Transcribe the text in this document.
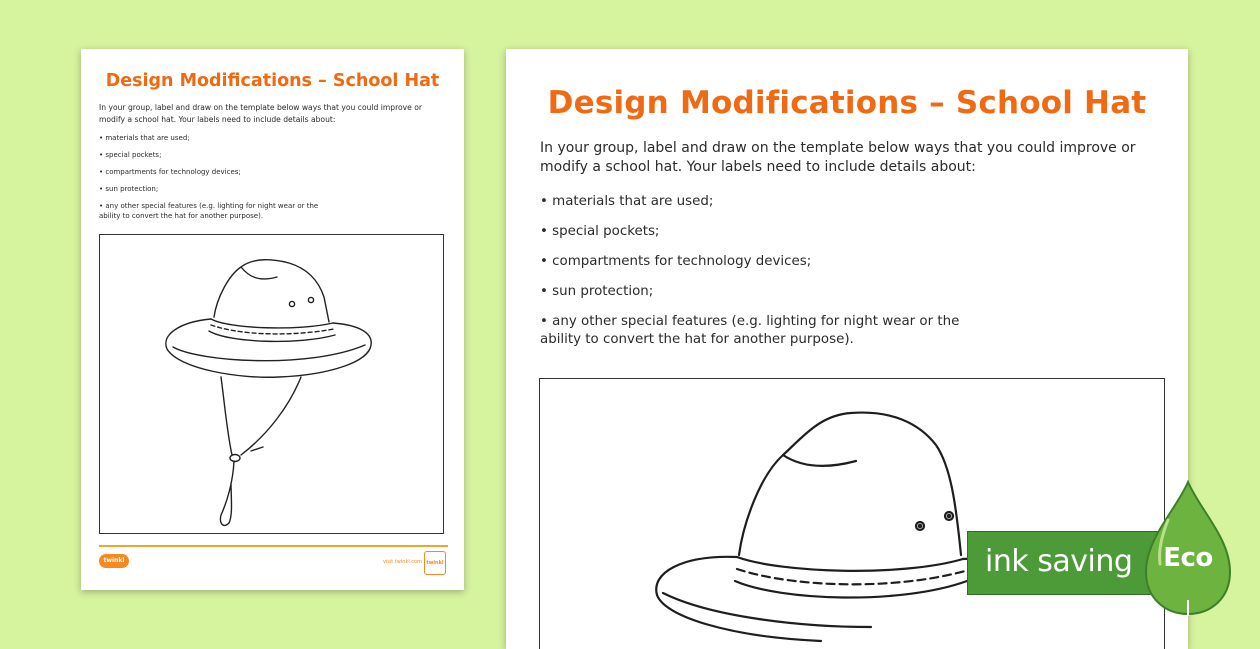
Design Modifications – School Hat

In your group, label and draw on the template below ways that you could improve or modify a school hat. Your labels need to include details about:

• materials that are used;

• special pockets;

• compartments for technology devices;

• sun protection;

• any other special features (e.g. lighting for night wear or the ability to convert the hat for another purpose).

twinkl	visit twinkl.com twinkl

Design Modifications – School Hat

In your group, label and draw on the template below ways that you could improve or modify a school hat. Your labels need to include details about:

• materials that are used;

• special pockets;

• compartments for technology devices;

• sun protection;

• any other special features (e.g. lighting for night wear or the ability to convert the hat for another purpose).

ink saving Eco
